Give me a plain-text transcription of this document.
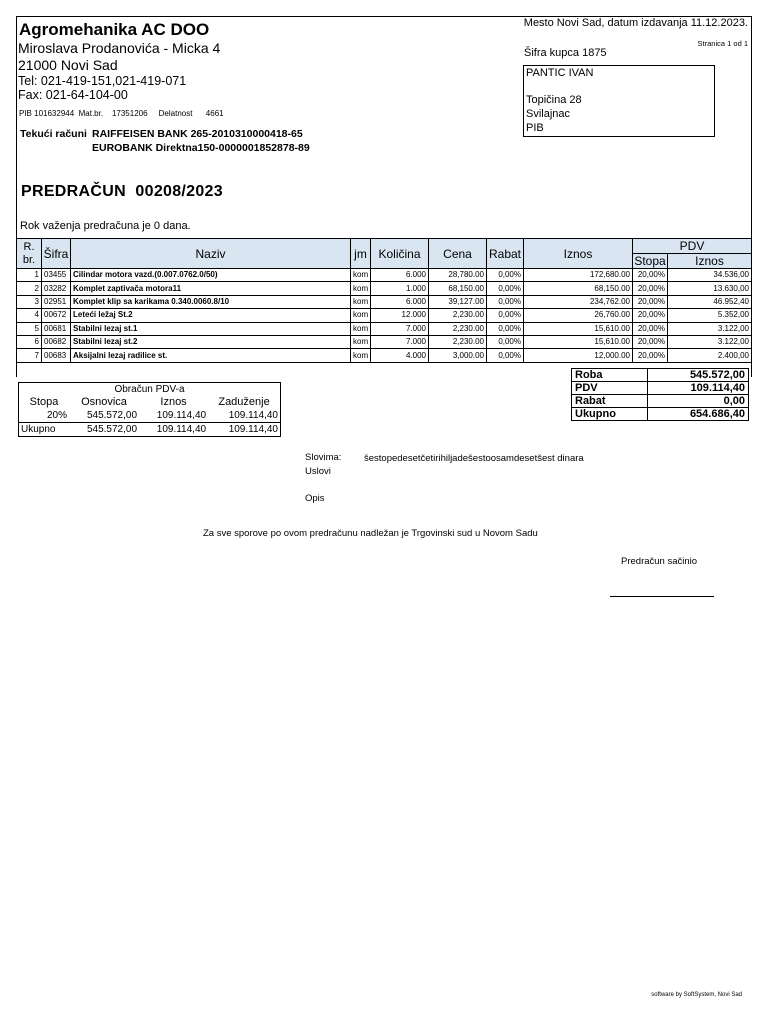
Agromehanika AC DOO
Miroslava Prodanovića - Micka 4
21000 Novi Sad
Tel: 021-419-151,021-419-071
Fax: 021-64-104-00
PIB 101632944  Mat.br.    17351206     Delatnost      4661
Tekući računi RAIFFEISEN BANK 265-2010310000418-65
EUROBANK Direktna150-0000001852878-89
Mesto Novi Sad, datum izdavanja 11.12.2023.
Stranica 1 od 1
Šifra kupca 1875
PANTIC IVAN
Topičina 28
Svilajnac
PIB
PREDRAČUN  00208/2023
Rok važenja predračuna je 0 dana.
R. br.	Šifra	Naziv	jm	Količina	Cena	Rabat	Iznos	PDV	
								Stopa	Iznos
1	03455	Cilindar motora vazd.(0.007.0762.0/50)	kom	6.000	28,780.00	0,00%	172,680.00	20,00%	34.536,00
2	03282	Komplet zaptivača motora11	kom	1.000	68,150.00	0,00%	68,150.00	20,00%	13.630,00
3	02951	Komplet klip sa karikama 0.340.0060.8/10	kom	6.000	39,127.00	0,00%	234,762.00	20,00%	46.952,40
4	00672	Leteći ležaj St.2	kom	12.000	2,230.00	0,00%	26,760.00	20,00%	5.352,00
5	00681	Stabilni lezaj st.1	kom	7.000	2,230.00	0,00%	15,610.00	20,00%	3.122,00
6	00682	Stabilni lezaj st.2	kom	7.000	2,230.00	0,00%	15,610.00	20,00%	3.122,00
7	00683	Aksijalni lezaj radilice st.	kom	4.000	3,000.00	0,00%	12,000.00	20,00%	2.400,00
Obračun PDV-a			
Stopa	Osnovica	Iznos	Zaduženje
20%	545.572,00	109.114,40	109.114,40
Ukupno	545.572,00	109.114,40	109.114,40
Roba	545.572,00
PDV	109.114,40
Rabat	0,00
Ukupno	654.686,40
Slovima: šestopedesetčetirihiljadešestoosamdesetšest dinara
Uslovi
Opis
Za sve sporove po ovom predračunu nadležan je Trgovinski sud u Novom Sadu
Predračun sačinio
software by SoftSystem, Novi Sad
